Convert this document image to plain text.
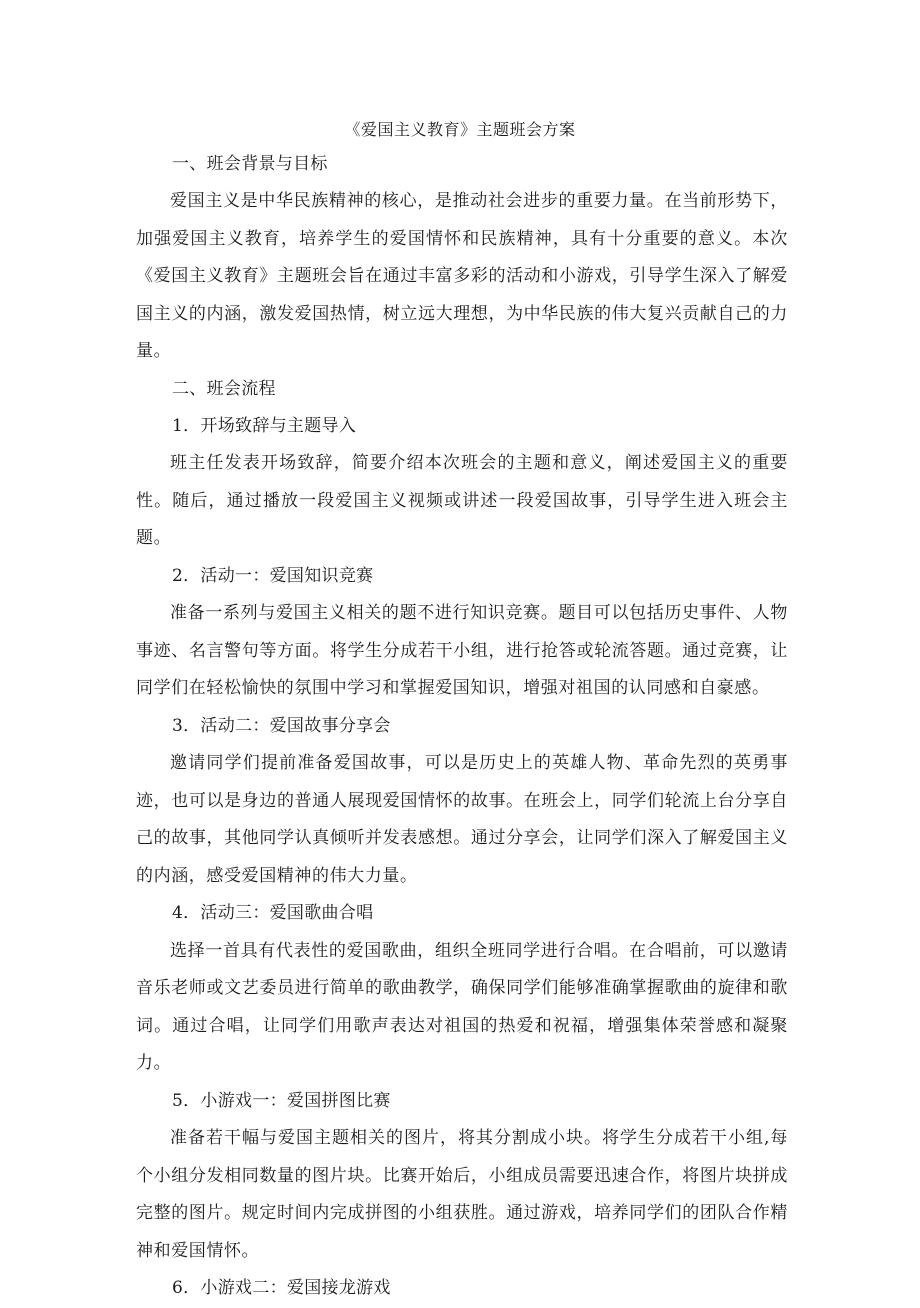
《爱国主义教育》主题班会方案

一、班会背景与目标

爱国主义是中华民族精神的核心，是推动社会进步的重要力量。在当前形势下，加强爱国主义教育，培养学生的爱国情怀和民族精神，具有十分重要的意义。本次《爱国主义教育》主题班会旨在通过丰富多彩的活动和小游戏，引导学生深入了解爱国主义的内涵，激发爱国热情，树立远大理想，为中华民族的伟大复兴贡献自己的力量。

二、班会流程

1．开场致辞与主题导入

班主任发表开场致辞，简要介绍本次班会的主题和意义，阐述爱国主义的重要性。随后，通过播放一段爱国主义视频或讲述一段爱国故事，引导学生进入班会主题。

2．活动一：爱国知识竞赛

准备一系列与爱国主义相关的题不进行知识竞赛。题目可以包括历史事件、人物事迹、名言警句等方面。将学生分成若干小组，进行抢答或轮流答题。通过竞赛，让同学们在轻松愉快的氛围中学习和掌握爱国知识，增强对祖国的认同感和自豪感。

3．活动二：爱国故事分享会

邀请同学们提前准备爱国故事，可以是历史上的英雄人物、革命先烈的英勇事迹，也可以是身边的普通人展现爱国情怀的故事。在班会上，同学们轮流上台分享自己的故事，其他同学认真倾听并发表感想。通过分享会，让同学们深入了解爱国主义的内涵，感受爱国精神的伟大力量。

4．活动三：爱国歌曲合唱

选择一首具有代表性的爱国歌曲，组织全班同学进行合唱。在合唱前，可以邀请音乐老师或文艺委员进行简单的歌曲教学，确保同学们能够准确掌握歌曲的旋律和歌词。通过合唱，让同学们用歌声表达对祖国的热爱和祝福，增强集体荣誉感和凝聚力。

5．小游戏一：爱国拼图比赛

准备若干幅与爱国主题相关的图片，将其分割成小块。将学生分成若干小组,每个小组分发相同数量的图片块。比赛开始后，小组成员需要迅速合作，将图片块拼成完整的图片。规定时间内完成拼图的小组获胜。通过游戏，培养同学们的团队合作精神和爱国情怀。

6．小游戏二：爱国接龙游戏
